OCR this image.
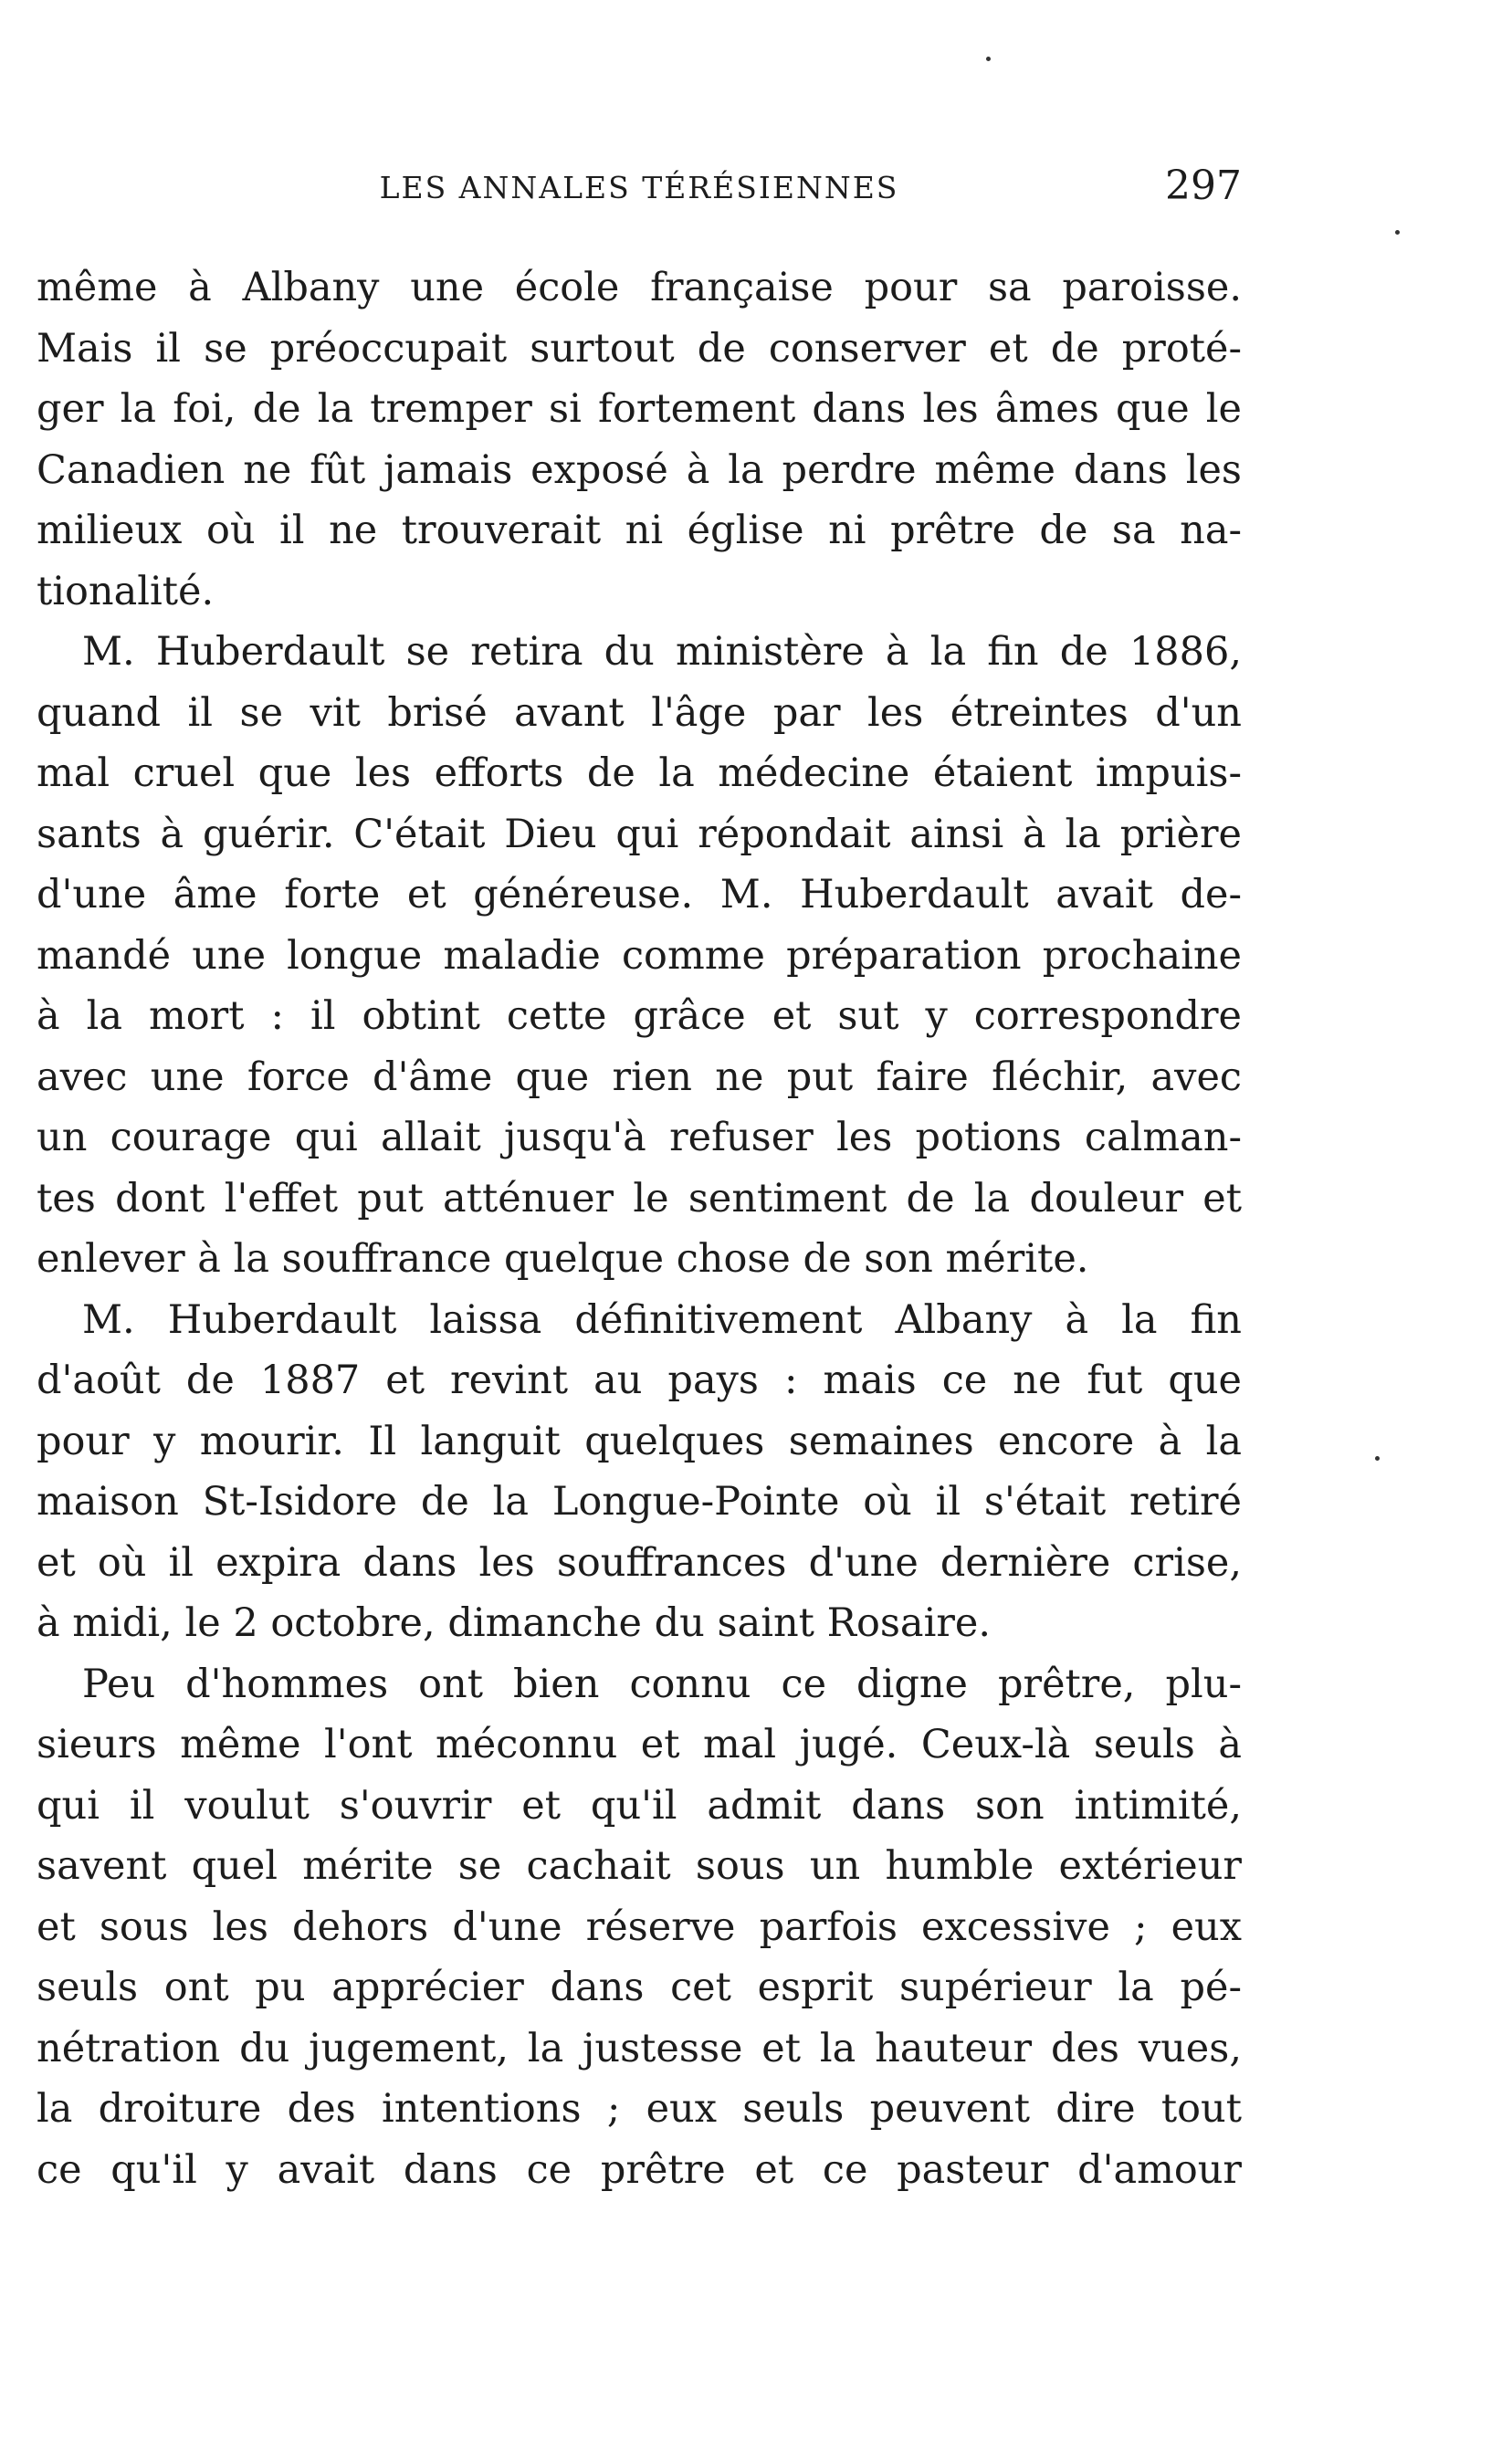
LES ANNALES TÉRÉSIENNES	297
même à Albany une école française pour sa paroisse.
Mais il se préoccupait surtout de conserver et de proté-
ger la foi, de la tremper si fortement dans les âmes que le
Canadien ne fût jamais exposé à la perdre même dans les
milieux où il ne trouverait ni église ni prêtre de sa na-
tionalité.
M. Huberdault se retira du ministère à la fin de 1886,
quand il se vit brisé avant l'âge par les étreintes d'un
mal cruel que les efforts de la médecine étaient impuis-
sants à guérir. C'était Dieu qui répondait ainsi à la prière
d'une âme forte et généreuse. M. Huberdault avait de-
mandé une longue maladie comme préparation prochaine
à la mort : il obtint cette grâce et sut y correspondre
avec une force d'âme que rien ne put faire fléchir, avec
un courage qui allait jusqu'à refuser les potions calman-
tes dont l'effet put atténuer le sentiment de la douleur et
enlever à la souffrance quelque chose de son mérite.
M. Huberdault laissa définitivement Albany à la fin
d'août de 1887 et revint au pays : mais ce ne fut que
pour y mourir. Il languit quelques semaines encore à la
maison St-Isidore de la Longue-Pointe où il s'était retiré
et où il expira dans les souffrances d'une dernière crise,
à midi, le 2 octobre, dimanche du saint Rosaire.
Peu d'hommes ont bien connu ce digne prêtre, plu-
sieurs même l'ont méconnu et mal jugé. Ceux-là seuls à
qui il voulut s'ouvrir et qu'il admit dans son intimité,
savent quel mérite se cachait sous un humble extérieur
et sous les dehors d'une réserve parfois excessive ; eux
seuls ont pu apprécier dans cet esprit supérieur la pé-
nétration du jugement, la justesse et la hauteur des vues,
la droiture des intentions ; eux seuls peuvent dire tout
ce qu'il y avait dans ce prêtre et ce pasteur d'amour
